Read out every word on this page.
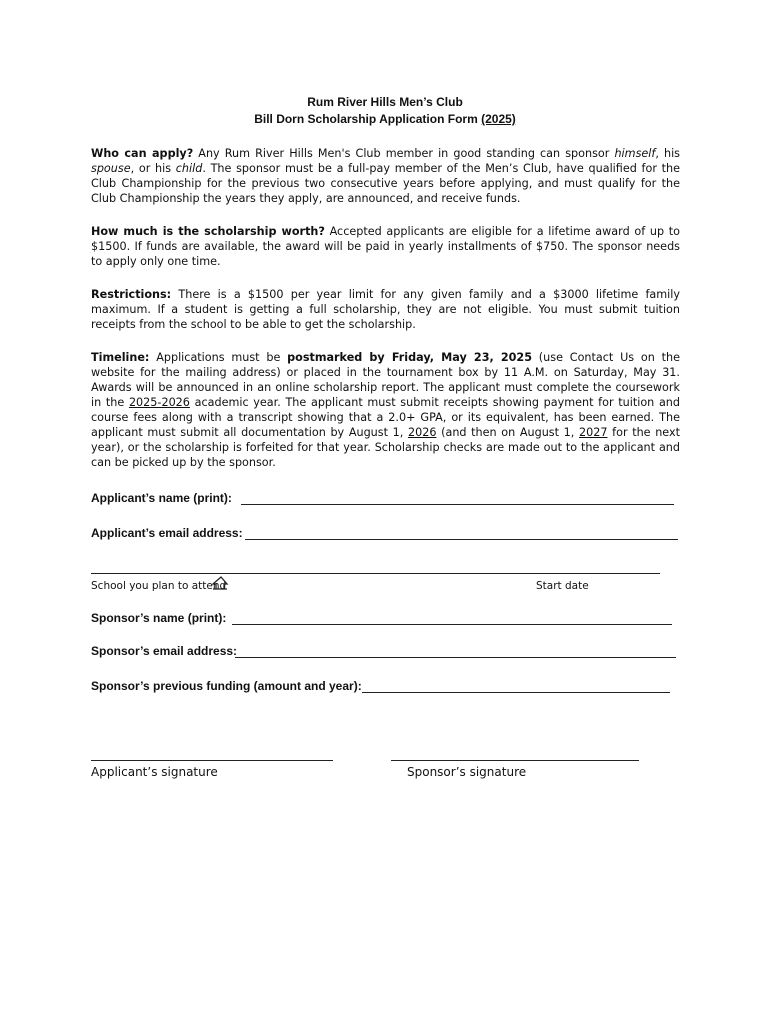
Rum River Hills Men’s Club
Bill Dorn Scholarship Application Form (2025)
Who can apply? Any Rum River Hills Men's Club member in good standing can sponsor himself, his spouse, or his child. The sponsor must be a full-pay member of the Men’s Club, have qualified for the Club Championship for the previous two consecutive years before applying, and must qualify for the Club Championship the years they apply, are announced, and receive funds.
How much is the scholarship worth? Accepted applicants are eligible for a lifetime award of up to $1500. If funds are available, the award will be paid in yearly installments of $750. The sponsor needs to apply only one time.
Restrictions: There is a $1500 per year limit for any given family and a $3000 lifetime family maximum. If a student is getting a full scholarship, they are not eligible. You must submit tuition receipts from the school to be able to get the scholarship.
Timeline: Applications must be postmarked by Friday, May 23, 2025 (use Contact Us on the website for the mailing address) or placed in the tournament box by 11 A.M. on Saturday, May 31. Awards will be announced in an online scholarship report. The applicant must complete the coursework in the 2025-2026 academic year. The applicant must submit receipts showing payment for tuition and course fees along with a transcript showing that a 2.0+ GPA, or its equivalent, has been earned. The applicant must submit all documentation by August 1, 2026 (and then on August 1, 2027 for the next year), or the scholarship is forfeited for that year. Scholarship checks are made out to the applicant and can be picked up by the sponsor.
Applicant’s name (print):
Applicant’s email address:
School you plan to attend	Start date
Sponsor’s name (print):
Sponsor’s email address:
Sponsor’s previous funding (amount and year):
Applicant’s signature	Sponsor’s signature
